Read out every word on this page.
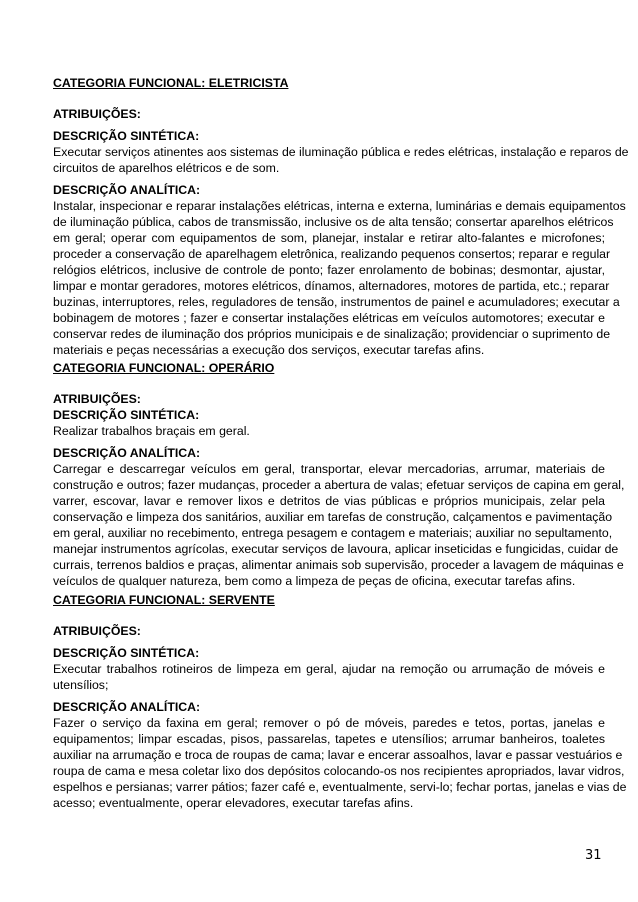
CATEGORIA FUNCIONAL: ELETRICISTA
ATRIBUIÇÕES:
DESCRIÇÃO SINTÉTICA:
Executar serviços atinentes aos sistemas de iluminação pública e redes elétricas, instalação e reparos de
circuitos de aparelhos elétricos e de som.
DESCRIÇÃO ANALÍTICA:
Instalar, inspecionar e reparar instalações elétricas, interna e externa, luminárias e demais equipamentos
de iluminação pública, cabos de transmissão, inclusive os de alta tensão; consertar aparelhos elétricos
em geral; operar com equipamentos de som, planejar, instalar e retirar alto-falantes e microfones;
proceder a conservação de aparelhagem eletrônica, realizando pequenos consertos; reparar e regular
relógios elétricos, inclusive de controle de ponto; fazer enrolamento de bobinas; desmontar, ajustar,
limpar e montar geradores, motores elétricos, dínamos, alternadores, motores de partida, etc.; reparar
buzinas, interruptores, reles, reguladores de tensão, instrumentos de painel e acumuladores; executar a
bobinagem de motores ; fazer e consertar instalações elétricas em veículos automotores; executar e
conservar redes de iluminação dos próprios municipais e de sinalização; providenciar o suprimento de
materiais e peças necessárias a execução dos serviços, executar tarefas afins.
CATEGORIA FUNCIONAL: OPERÁRIO
ATRIBUIÇÕES:
DESCRIÇÃO SINTÉTICA:
Realizar trabalhos braçais em geral.
DESCRIÇÃO ANALÍTICA:
Carregar e descarregar veículos em geral, transportar, elevar mercadorias, arrumar, materiais de
construção e outros; fazer mudanças, proceder a abertura de valas; efetuar serviços de capina em geral,
varrer, escovar, lavar e remover lixos e detritos de vias públicas e próprios municipais, zelar pela
conservação e limpeza dos sanitários, auxiliar em tarefas de construção, calçamentos e pavimentação
em geral, auxiliar no recebimento, entrega pesagem e contagem e materiais; auxiliar no sepultamento,
manejar instrumentos agrícolas, executar serviços de lavoura, aplicar inseticidas e fungicidas, cuidar de
currais, terrenos baldios e praças, alimentar animais sob supervisão, proceder a lavagem de máquinas e
veículos de qualquer natureza, bem como a limpeza de peças de oficina, executar tarefas afins.
CATEGORIA FUNCIONAL: SERVENTE
ATRIBUIÇÕES:
DESCRIÇÃO SINTÉTICA:
Executar trabalhos rotineiros de limpeza em geral, ajudar na remoção ou arrumação de móveis e
utensílios;
DESCRIÇÃO ANALÍTICA:
Fazer o serviço da faxina em geral; remover o pó de móveis, paredes e tetos, portas, janelas e
equipamentos; limpar escadas, pisos, passarelas, tapetes e utensílios; arrumar banheiros, toaletes
auxiliar na arrumação e troca de roupas de cama; lavar e encerar assoalhos, lavar e passar vestuários e
roupa de cama e mesa coletar lixo dos depósitos colocando-os nos recipientes apropriados, lavar vidros,
espelhos e persianas; varrer pátios; fazer café e, eventualmente, servi-lo; fechar portas, janelas e vias de
acesso; eventualmente, operar elevadores, executar tarefas afins.
31
